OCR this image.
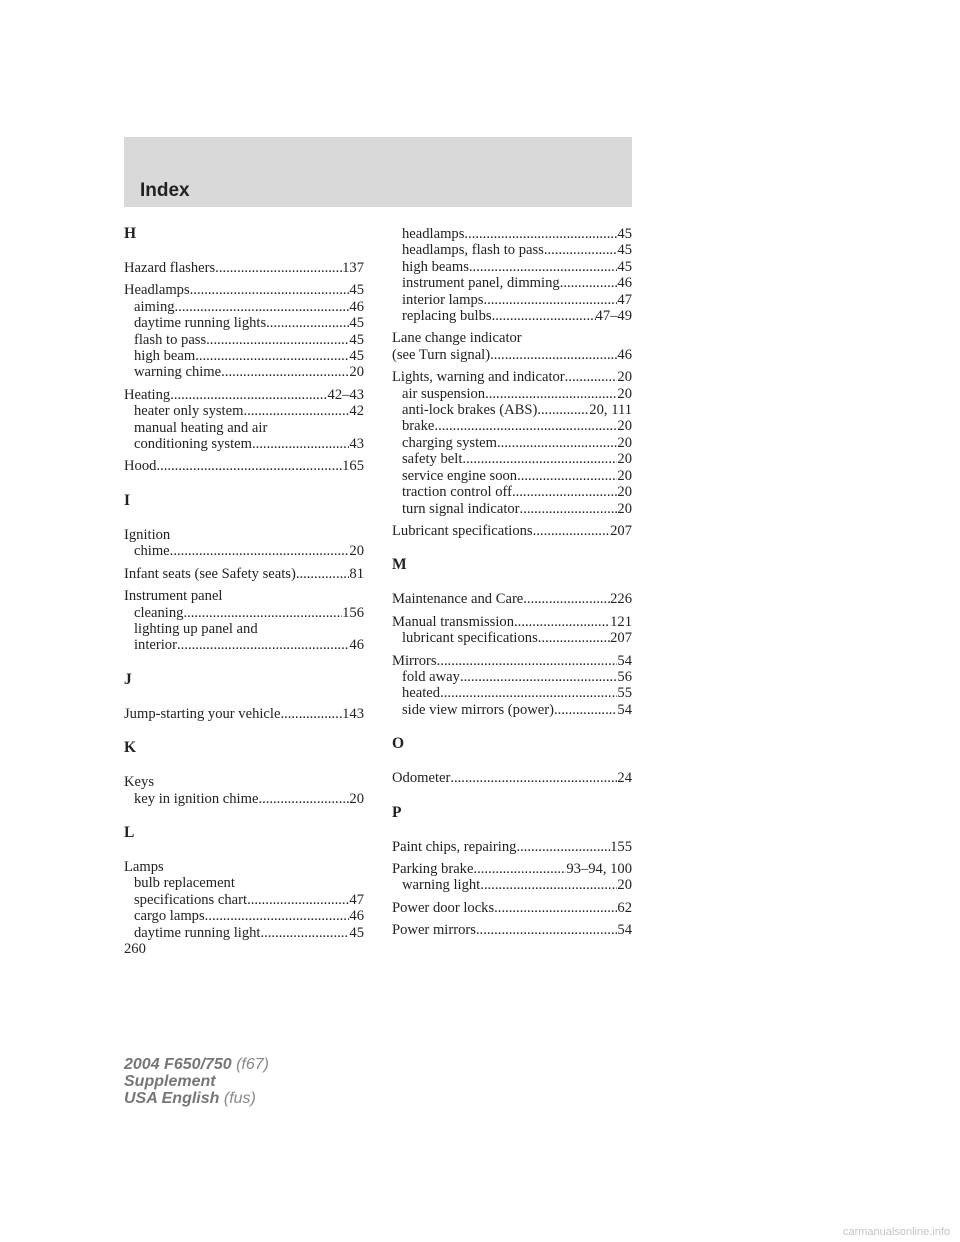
Index
H
Hazard flashers .....	137
Headlamps .....	45
aiming .....	46
daytime running lights .....	45
flash to pass .....	45
high beam .....	45
warning chime .....	20
Heating .....	42–43
heater only system .....	42
manual heating and air
conditioning system .....	43
Hood .....	165
I
Ignition
chime .....	20
Infant seats (see Safety seats) .....	81
Instrument panel
cleaning .....	156
lighting up panel and
interior .....	46
J
Jump-starting your vehicle .....	143
K
Keys
key in ignition chime .....	20
L
Lamps
bulb replacement
specifications chart .....	47
cargo lamps .....	46
daytime running light .....	45
headlamps .....	45
headlamps, flash to pass .....	45
high beams .....	45
instrument panel, dimming .....	46
interior lamps .....	47
replacing bulbs .....	47–49
Lane change indicator
(see Turn signal) .....	46
Lights, warning and indicator .....	20
air suspension .....	20
anti-lock brakes (ABS) .....	20, 111
brake .....	20
charging system .....	20
safety belt .....	20
service engine soon .....	20
traction control off .....	20
turn signal indicator .....	20
Lubricant specifications .....	207
M
Maintenance and Care .....	226
Manual transmission .....	121
lubricant specifications .....	207
Mirrors .....	54
fold away .....	56
heated .....	55
side view mirrors (power) .....	54
O
Odometer .....	24
P
Paint chips, repairing .....	155
Parking brake .....	93–94, 100
warning light .....	20
Power door locks .....	62
Power mirrors .....	54
260
2004 F650/750 (f67)
Supplement
USA English (fus)
carmanualsonline.info
